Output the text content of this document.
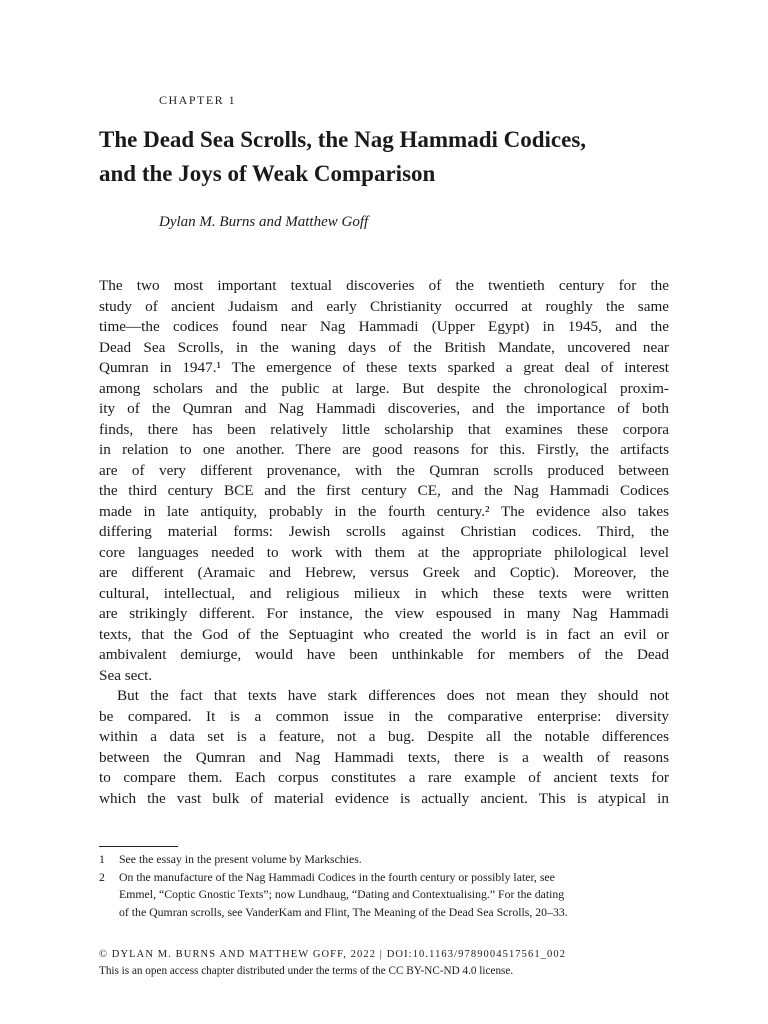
CHAPTER 1
The Dead Sea Scrolls, the Nag Hammadi Codices,
and the Joys of Weak Comparison
Dylan M. Burns and Matthew Goff
The two most important textual discoveries of the twentieth century for the
study of ancient Judaism and early Christianity occurred at roughly the same
time—the codices found near Nag Hammadi (Upper Egypt) in 1945, and the
Dead Sea Scrolls, in the waning days of the British Mandate, uncovered near
Qumran in 1947.¹ The emergence of these texts sparked a great deal of interest
among scholars and the public at large. But despite the chronological proxim-
ity of the Qumran and Nag Hammadi discoveries, and the importance of both
finds, there has been relatively little scholarship that examines these corpora
in relation to one another. There are good reasons for this. Firstly, the artifacts
are of very different provenance, with the Qumran scrolls produced between
the third century BCE and the first century CE, and the Nag Hammadi Codices
made in late antiquity, probably in the fourth century.² The evidence also takes
differing material forms: Jewish scrolls against Christian codices. Third, the
core languages needed to work with them at the appropriate philological level
are different (Aramaic and Hebrew, versus Greek and Coptic). Moreover, the
cultural, intellectual, and religious milieux in which these texts were written
are strikingly different. For instance, the view espoused in many Nag Hammadi
texts, that the God of the Septuagint who created the world is in fact an evil or
ambivalent demiurge, would have been unthinkable for members of the Dead
Sea sect.
But the fact that texts have stark differences does not mean they should not
be compared. It is a common issue in the comparative enterprise: diversity
within a data set is a feature, not a bug. Despite all the notable differences
between the Qumran and Nag Hammadi texts, there is a wealth of reasons
to compare them. Each corpus constitutes a rare example of ancient texts for
which the vast bulk of material evidence is actually ancient. This is atypical in
1 See the essay in the present volume by Markschies.
2 On the manufacture of the Nag Hammadi Codices in the fourth century or possibly later, see
Emmel, “Coptic Gnostic Texts”; now Lundhaug, “Dating and Contextualising.” For the dating
of the Qumran scrolls, see VanderKam and Flint, The Meaning of the Dead Sea Scrolls, 20–33.
© DYLAN M. BURNS AND MATTHEW GOFF, 2022 | DOI:10.1163/9789004517561_002
This is an open access chapter distributed under the terms of the CC BY-NC-ND 4.0 license.
